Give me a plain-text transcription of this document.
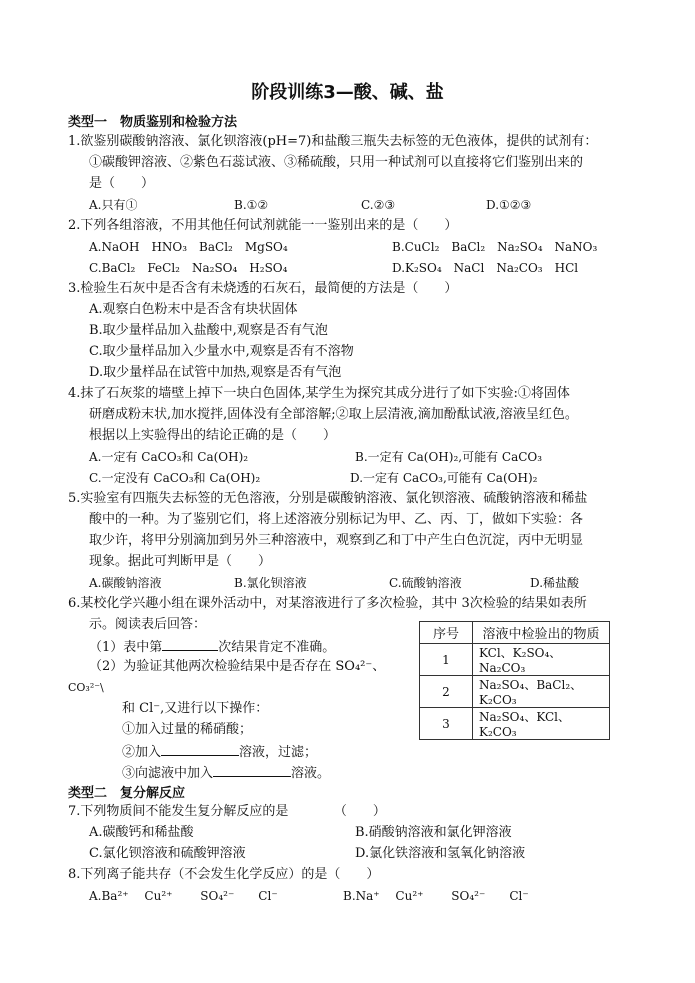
阶段训练3—酸、碱、盐
类型一　物质鉴别和检验方法
1.欲鉴别碳酸钠溶液、氯化钡溶液(pH=7)和盐酸三瓶失去标签的无色液体，提供的试剂有：
①碳酸钾溶液、②紫色石蕊试液、③稀硫酸，只用一种试剂可以直接将它们鉴别出来的
是（　　）
A.只有①	B.①②	C.②③	D.①②③
2.下列各组溶液，不用其他任何试剂就能一一鉴别出来的是（　　）
A.NaOH　HNO₃　BaCl₂　MgSO₄	B.CuCl₂　BaCl₂　Na₂SO₄　NaNO₃
C.BaCl₂　FeCl₂　Na₂SO₄　H₂SO₄	D.K₂SO₄　NaCl　Na₂CO₃　HCl
3.检验生石灰中是否含有未烧透的石灰石，最简便的方法是（　　）
A.观察白色粉末中是否含有块状固体
B.取少量样品加入盐酸中,观察是否有气泡
C.取少量样品加入少量水中,观察是否有不溶物
D.取少量样品在试管中加热,观察是否有气泡
4.抹了石灰浆的墙壁上掉下一块白色固体,某学生为探究其成分进行了如下实验:①将固体
研磨成粉末状,加水搅拌,固体没有全部溶解;②取上层清液,滴加酚酞试液,溶液呈红色。
根据以上实验得出的结论正确的是（　　）
A.一定有 CaCO₃和 Ca(OH)₂	B.一定有 Ca(OH)₂,可能有 CaCO₃
C.一定没有 CaCO₃和 Ca(OH)₂	D.一定有 CaCO₃,可能有 Ca(OH)₂
5.实验室有四瓶失去标签的无色溶液，分别是碳酸钠溶液、氯化钡溶液、硫酸钠溶液和稀盐
酸中的一种。为了鉴别它们，将上述溶液分别标记为甲、乙、丙、丁，做如下实验：各
取少许，将甲分别滴加到另外三种溶液中，观察到乙和丁中产生白色沉淀，丙中无明显
现象。据此可判断甲是（　　）
A.碳酸钠溶液	B.氯化钡溶液	C.硫酸钠溶液	D.稀盐酸
6.某校化学兴趣小组在课外活动中，对某溶液进行了多次检验，其中 3次检验的结果如表所
示。阅读表后回答：
（1）表中第	次结果肯定不准确。
（2）为验证其他两次检验结果中是否存在 SO₄²⁻、
CO₃²⁻\
和 Cl⁻,又进行以下操作：
①加入过量的稀硝酸；
②加入	溶液，过滤；
③向滤液中加入	溶液。
序号	溶液中检验出的物质
1	KCl、K₂SO₄、Na₂CO₃
2	Na₂SO₄、BaCl₂、K₂CO₃
3	Na₂SO₄、KCl、K₂CO₃
类型二　复分解反应
7.下列物质间不能发生复分解反应的是　　　　（　　）
A.碳酸钙和稀盐酸	B.硝酸钠溶液和氯化钾溶液
C.氯化钡溶液和硫酸钾溶液	D.氯化铁溶液和氢氧化钠溶液
8.下列离子能共存（不会发生化学反应）的是（　　）
A.Ba²⁺　 Cu²⁺　　 SO₄²⁻　　Cl⁻	B.Na⁺　 Cu²⁺　　 SO₄²⁻　　Cl⁻
